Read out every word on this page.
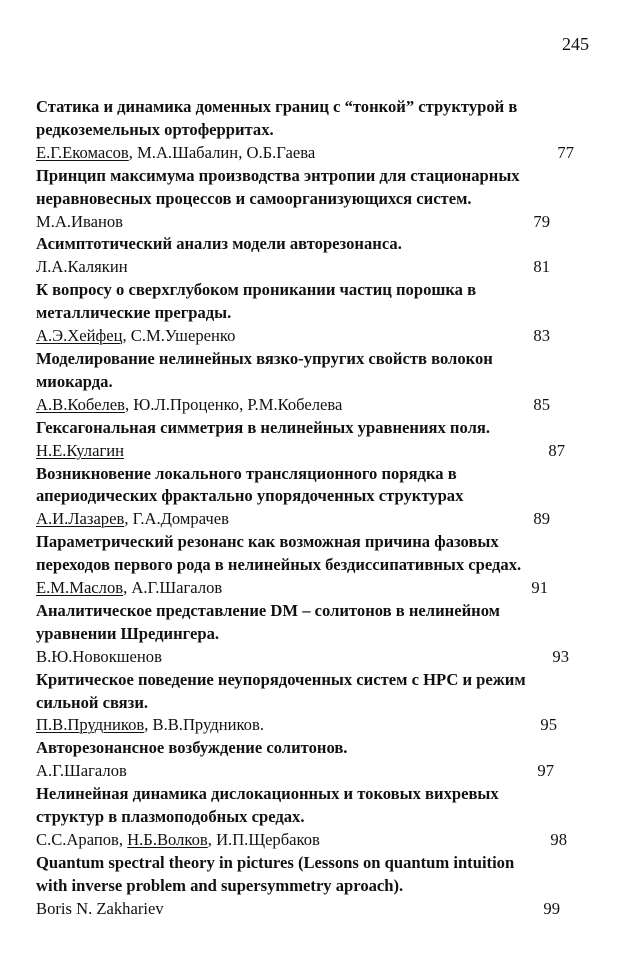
245
Статика и динамика доменных границ с “тонкой” структурой в
редкоземельных ортоферритах.
Е.Г.Екомасов, М.А.Шабалин, О.Б.Гаева	77
Принцип максимума производства энтропии для стационарных
неравновесных процессов и самоорганизующихся систем.
М.А.Иванов	79
Асимптотический анализ модели авторезонанса.
Л.А.Калякин	81
К вопросу о сверхглубоком проникании частиц порошка в
металлические преграды.
А.Э.Хейфец, С.М.Ушеренко	83
Моделирование нелинейных вязко-упругих свойств волокон
миокарда.
А.В.Кобелев, Ю.Л.Проценко, Р.М.Кобелева	85
Гексагональная симметрия в нелинейных уравнениях поля.
Н.Е.Кулагин	87
Возникновение локального трансляционного порядка в
апериодических фрактально упорядоченных структурах
А.И.Лазарев, Г.А.Домрачев	89
Параметрический резонанс как возможная причина фазовых
переходов первого рода в нелинейных бездиссипативных средах.
Е.М.Маслов, А.Г.Шагалов	91
Аналитическое представление DM – солитонов в нелинейном
уравнении Шредингера.
В.Ю.Новокшенов	93
Критическое поведение неупорядоченных систем с НРС и режим
сильной связи.
П.В.Прудников, В.В.Прудников.	95
Авторезонансное возбуждение солитонов.
А.Г.Шагалов	97
Нелинейная динамика дислокационных и токовых вихревых
структур в плазмоподобных средах.
С.С.Арапов, Н.Б.Волков, И.П.Щербаков	98
Quantum spectral theory in pictures (Lessons on quantum intuition
with inverse problem and supersymmetry aproach).
Boris N. Zakhariev	99
